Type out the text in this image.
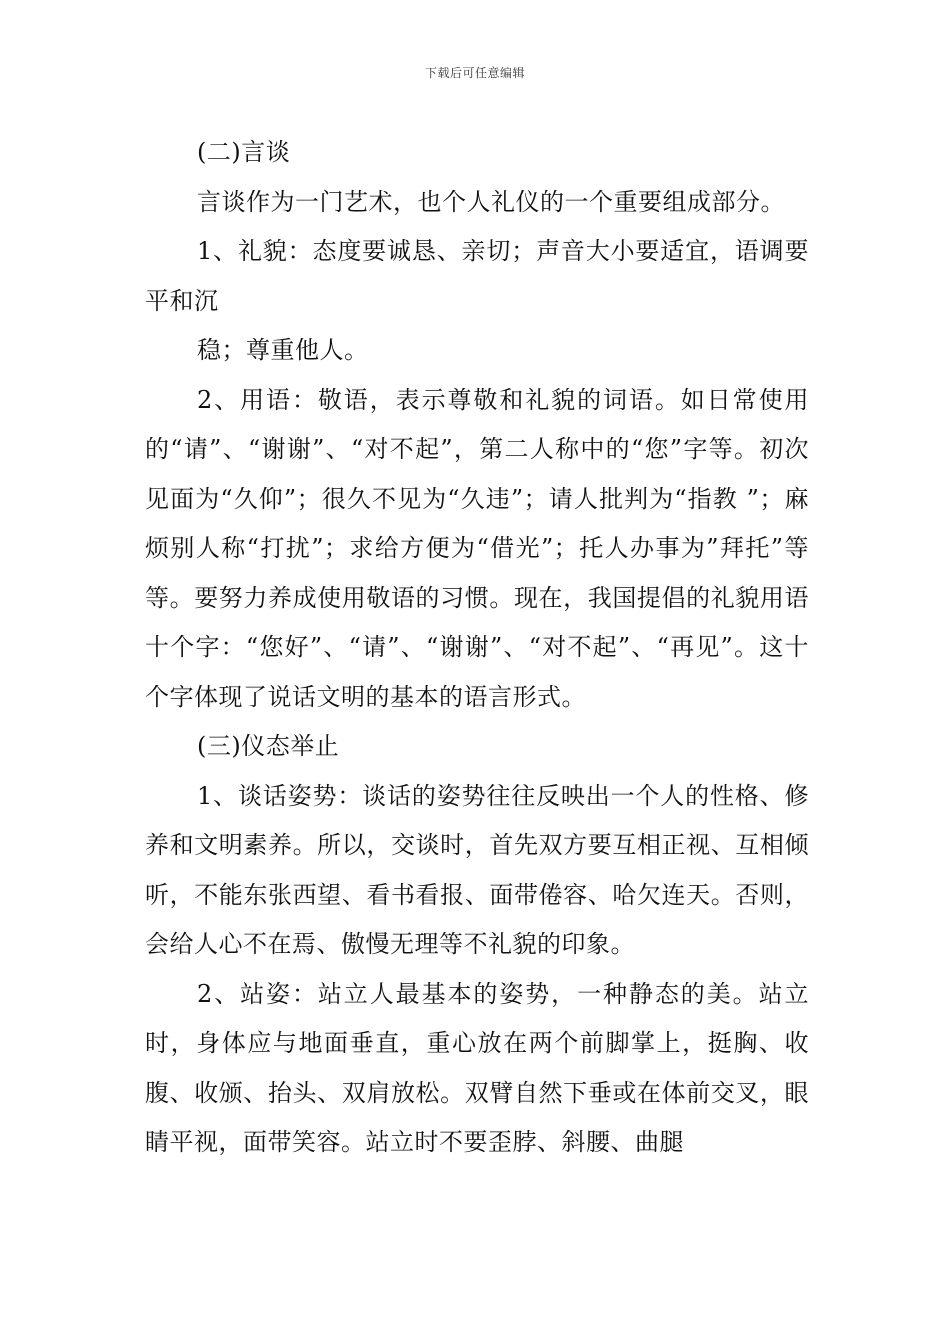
下载后可任意编辑

(二)言谈

言谈作为一门艺术，也个人礼仪的一个重要组成部分。

1、礼貌：态度要诚恳、亲切；声音大小要适宜，语调要平和沉

稳；尊重他人。

2、用语：敬语，表示尊敬和礼貌的词语。如日常使用的“请”、“谢谢”、“对不起”，第二人称中的“您”字等。初次见面为“久仰”；很久不见为“久违”；请人批判为“指教 ”；麻烦别人称“打扰”；求给方便为“借光”；托人办事为”拜托”等等。要努力养成使用敬语的习惯。现在，我国提倡的礼貌用语十个字：“您好”、“请”、“谢谢”、“对不起”、“再见”。这十个字体现了说话文明的基本的语言形式。

(三)仪态举止

1、谈话姿势：谈话的姿势往往反映出一个人的性格、修养和文明素养。所以，交谈时，首先双方要互相正视、互相倾听，不能东张西望、看书看报、面带倦容、哈欠连天。否则，会给人心不在焉、傲慢无理等不礼貌的印象。

2、站姿：站立人最基本的姿势，一种静态的美。站立时，身体应与地面垂直，重心放在两个前脚掌上，挺胸、收腹、收颁、抬头、双肩放松。双臂自然下垂或在体前交叉，眼睛平视，面带笑容。站立时不要歪脖、斜腰、曲腿
